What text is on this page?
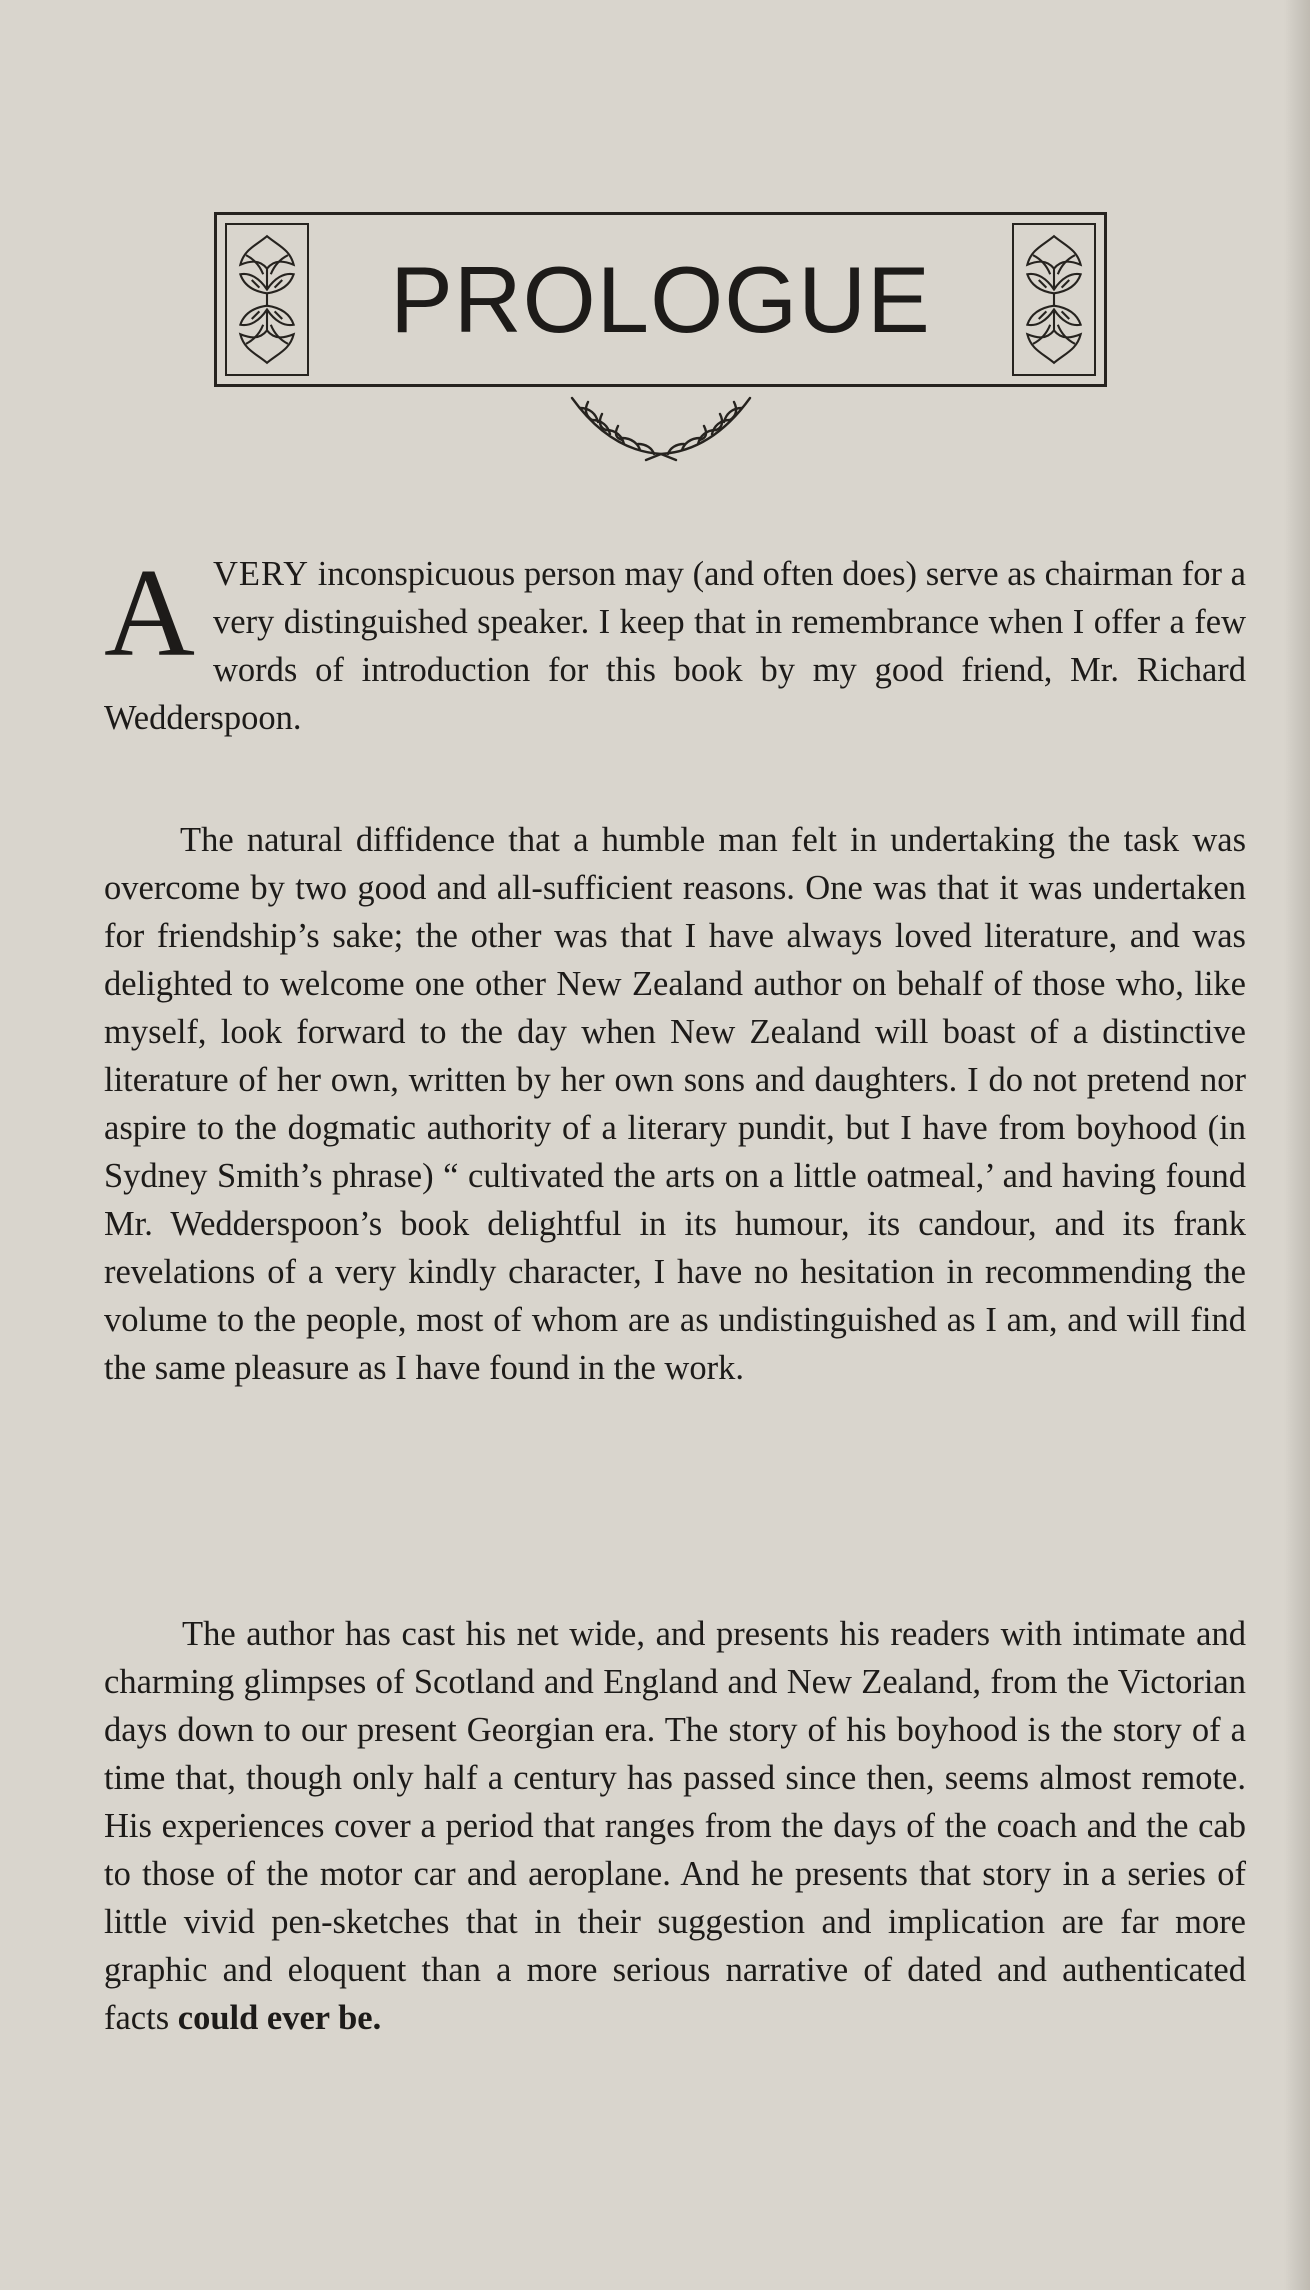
PROLOGUE
A VERY inconspicuous person may (and often does) serve as chairman for a very distinguished speaker. I keep that in remembrance when I offer a few words of introduction for this book by my good friend, Mr. Richard Wedderspoon.
The natural diffidence that a humble man felt in undertaking the task was overcome by two good and all-sufficient reasons. One was that it was undertaken for friendship’s sake; the other was that I have always loved literature, and was delighted to welcome one other New Zealand author on behalf of those who, like myself, look forward to the day when New Zealand will boast of a distinctive literature of her own, written by her own sons and daughters. I do not pretend nor aspire to the dogmatic authority of a literary pundit, but I have from boyhood (in Sydney Smith’s phrase) “ cultivated the arts on a little oatmeal,’ and having found Mr. Wedderspoon’s book delightful in its humour, its candour, and its frank revelations of a very kindly character, I have no hesitation in recommending the volume to the people, most of whom are as undistinguished as I am, and will find the same pleasure as I have found in the work.
The author has cast his net wide, and presents his readers with intimate and charming glimpses of Scotland and England and New Zealand, from the Victorian days down to our present Georgian era. The story of his boyhood is the story of a time that, though only half a century has passed since then, seems almost remote. His experiences cover a period that ranges from the days of the coach and the cab to those of the motor car and aeroplane. And he presents that story in a series of little vivid pen-sketches that in their suggestion and implication are far more graphic and eloquent than a more serious narrative of dated and authenticated facts could ever be.
